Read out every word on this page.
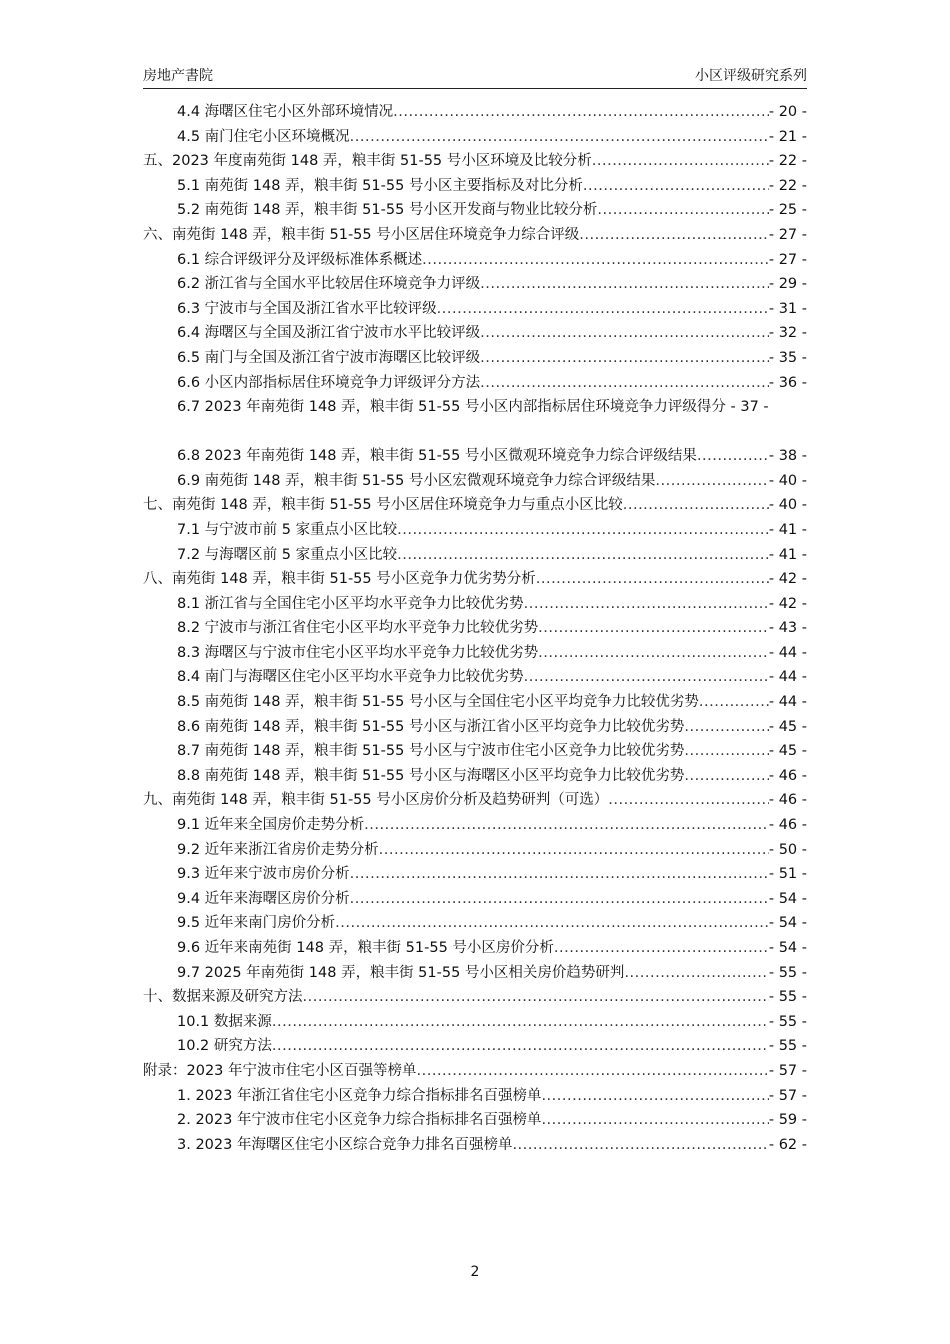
房地产書院	小区评级研究系列
4.4 海曙区住宅小区外部环境情况 .....	- 20 -
4.5 南门住宅小区环境概况 .....	- 21 -
五、2023 年度南苑街 148 弄，粮丰街 51-55 号小区环境及比较分析 .....	- 22 -
5.1 南苑街 148 弄，粮丰街 51-55 号小区主要指标及对比分析 .....	- 22 -
5.2 南苑街 148 弄，粮丰街 51-55 号小区开发商与物业比较分析 .....	- 25 -
六、南苑街 148 弄，粮丰街 51-55 号小区居住环境竞争力综合评级 .....	- 27 -
6.1 综合评级评分及评级标准体系概述 .....	- 27 -
6.2 浙江省与全国水平比较居住环境竞争力评级 .....	- 29 -
6.3 宁波市与全国及浙江省水平比较评级 .....	- 31 -
6.4 海曙区与全国及浙江省宁波市水平比较评级 .....	- 32 -
6.5 南门与全国及浙江省宁波市海曙区比较评级 .....	- 35 -
6.6 小区内部指标居住环境竞争力评级评分方法 .....	- 36 -
6.7 2023 年南苑街 148 弄，粮丰街 51-55 号小区内部指标居住环境竞争力评级得分 - 37 -
6.8 2023 年南苑街 148 弄，粮丰街 51-55 号小区微观环境竞争力综合评级结果 .....	- 38 -
6.9 南苑街 148 弄，粮丰街 51-55 号小区宏微观环境竞争力综合评级结果 .....	- 40 -
七、南苑街 148 弄，粮丰街 51-55 号小区居住环境竞争力与重点小区比较 .....	- 40 -
7.1 与宁波市前 5 家重点小区比较 .....	- 41 -
7.2 与海曙区前 5 家重点小区比较 .....	- 41 -
八、南苑街 148 弄，粮丰街 51-55 号小区竞争力优劣势分析 .....	- 42 -
8.1 浙江省与全国住宅小区平均水平竞争力比较优劣势 .....	- 42 -
8.2 宁波市与浙江省住宅小区平均水平竞争力比较优劣势 .....	- 43 -
8.3 海曙区与宁波市住宅小区平均水平竞争力比较优劣势 .....	- 44 -
8.4 南门与海曙区住宅小区平均水平竞争力比较优劣势 .....	- 44 -
8.5 南苑街 148 弄，粮丰街 51-55 号小区与全国住宅小区平均竞争力比较优劣势 .....	- 44 -
8.6 南苑街 148 弄，粮丰街 51-55 号小区与浙江省小区平均竞争力比较优劣势 .....	- 45 -
8.7 南苑街 148 弄，粮丰街 51-55 号小区与宁波市住宅小区竞争力比较优劣势 .....	- 45 -
8.8 南苑街 148 弄，粮丰街 51-55 号小区与海曙区小区平均竞争力比较优劣势 .....	- 46 -
九、南苑街 148 弄，粮丰街 51-55 号小区房价分析及趋势研判（可选） .....	- 46 -
9.1 近年来全国房价走势分析 .....	- 46 -
9.2 近年来浙江省房价走势分析 .....	- 50 -
9.3 近年来宁波市房价分析 .....	- 51 -
9.4 近年来海曙区房价分析 .....	- 54 -
9.5 近年来南门房价分析 .....	- 54 -
9.6 近年来南苑街 148 弄，粮丰街 51-55 号小区房价分析 .....	- 54 -
9.7 2025 年南苑街 148 弄，粮丰街 51-55 号小区相关房价趋势研判 .....	- 55 -
十、数据来源及研究方法 .....	- 55 -
10.1 数据来源 .....	- 55 -
10.2 研究方法 .....	- 55 -
附录：2023 年宁波市住宅小区百强等榜单 .....	- 57 -
1. 2023 年浙江省住宅小区竞争力综合指标排名百强榜单 .....	- 57 -
2. 2023 年宁波市住宅小区竞争力综合指标排名百强榜单 .....	- 59 -
3. 2023 年海曙区住宅小区综合竞争力排名百强榜单 .....	- 62 -
2
